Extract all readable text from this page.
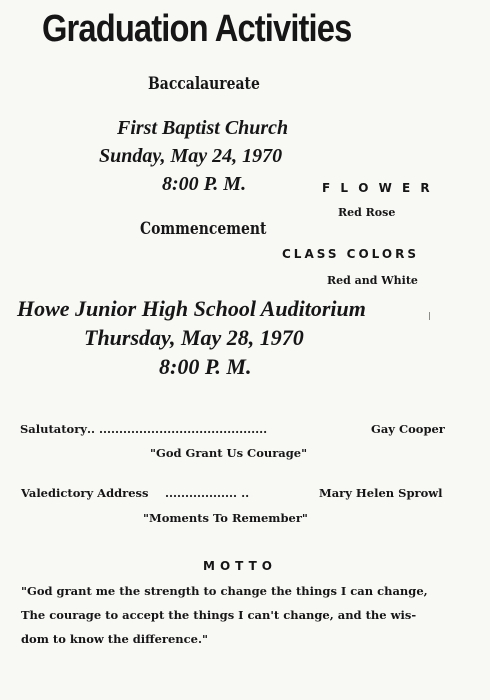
Graduation Activities
Baccalaureate
First Baptist Church
Sunday, May 24, 1970
8:00 P. M.	F L O W E R
Red Rose
Commencement
CLASS COLORS
Red and White
Howe Junior High School Auditorium
Thursday, May 28, 1970
8:00 P. M.
Salutatory .. ..........................................	Gay Cooper
"God Grant Us Courage"
Valedictory Address .................. ..	Mary Helen Sprowl
"Moments To Remember"
MOTTO
"God grant me the strength to change the things I can change,
The courage to accept the things I can't change, and the wis-
dom to know the difference."
